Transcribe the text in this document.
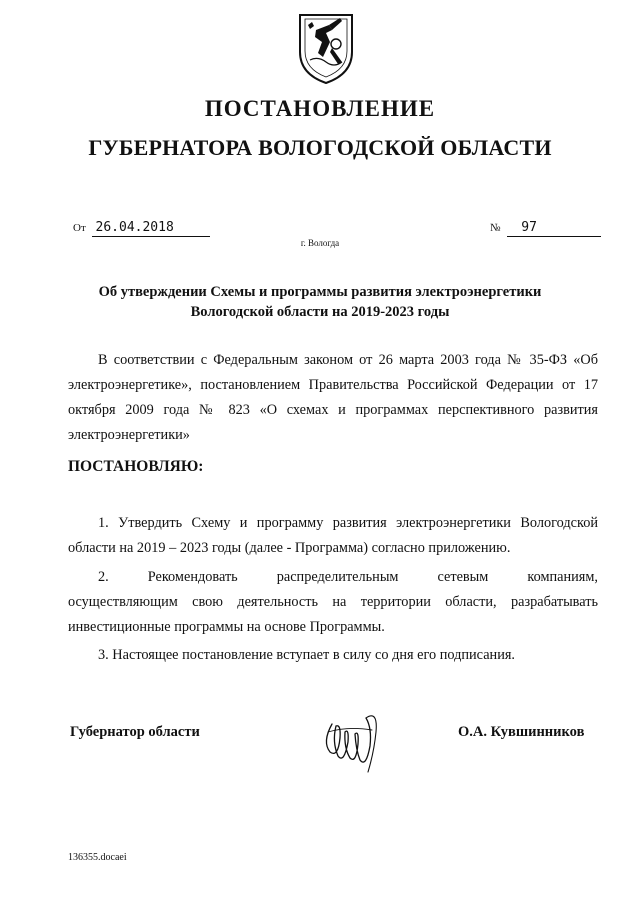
ПОСТАНОВЛЕНИЕ
ГУБЕРНАТОРА ВОЛОГОДСКОЙ ОБЛАСТИ
От 26.04.2018	№ 97
г. Вологда
Об утверждении Схемы и программы развития электроэнергетики
Вологодской области на 2019-2023 годы
В соответствии с Федеральным законом от 26 марта 2003 года № 35-ФЗ «Об
электроэнергетике», постановлением Правительства Российской Федерации от 17 октября 2009 года № 823 «О схемах и программах перспективного развития электроэнергетики»
ПОСТАНОВЛЯЮ:
1. Утвердить Схему и программу развития электроэнергетики Вологодской
области на 2019 – 2023 годы (далее - Программа) согласно приложению.
2. Рекомендовать распределительным сетевым компаниям,
осуществляющим свою деятельность на территории области, разрабатывать инвестиционные программы на основе Программы.
3. Настоящее постановление вступает в силу со дня его подписания.
Губернатор области	О.А. Кувшинников
136355.docaei
